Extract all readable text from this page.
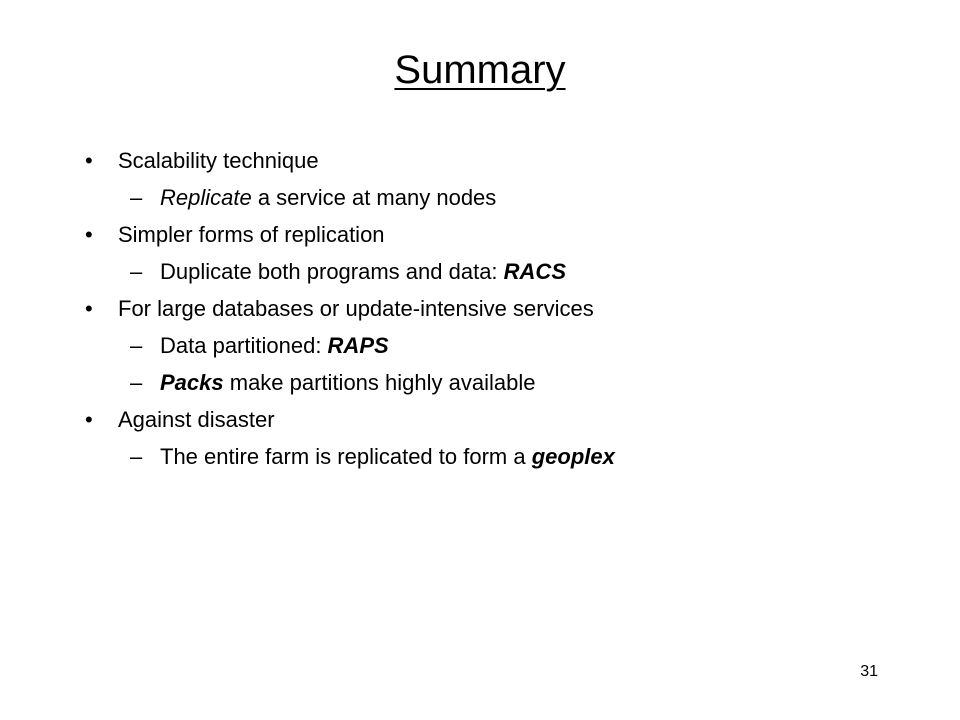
Summary
• Scalability technique
– Replicate a service at many nodes
• Simpler forms of replication
– Duplicate both programs and data: RACS
• For large databases or update-intensive services
– Data partitioned: RAPS
– Packs make partitions highly available
• Against disaster
– The entire farm is replicated to form a geoplex
31
